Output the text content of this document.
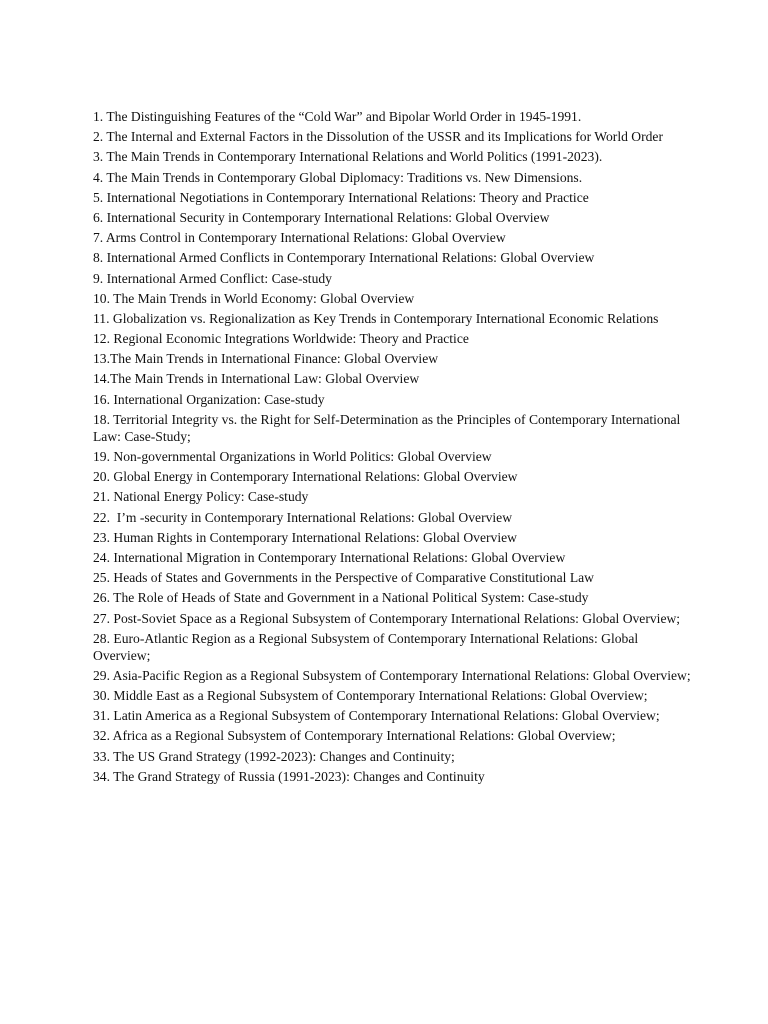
1. The Distinguishing Features of the “Cold War” and Bipolar World Order in 1945-1991.
2. The Internal and External Factors in the Dissolution of the USSR and its Implications for World Order
3. The Main Trends in Contemporary International Relations and World Politics (1991-2023).
4. The Main Trends in Contemporary Global Diplomacy: Traditions vs. New Dimensions.
5. International Negotiations in Contemporary International Relations: Theory and Practice
6. International Security in Contemporary International Relations: Global Overview
7. Arms Control in Contemporary International Relations: Global Overview
8. International Armed Conflicts in Contemporary International Relations: Global Overview
9. International Armed Conflict: Case-study
10. The Main Trends in World Economy: Global Overview
11. Globalization vs. Regionalization as Key Trends in Contemporary International Economic Relations
12. Regional Economic Integrations Worldwide: Theory and Practice
13.The Main Trends in International Finance: Global Overview
14.The Main Trends in International Law: Global Overview
16. International Organization: Case-study
18. Territorial Integrity vs. the Right for Self-Determination as the Principles of Contemporary International Law: Case-Study;
19. Non-governmental Organizations in World Politics: Global Overview
20. Global Energy in Contemporary International Relations: Global Overview
21. National Energy Policy: Case-study
22.  I’m -security in Contemporary International Relations: Global Overview
23. Human Rights in Contemporary International Relations: Global Overview
24. International Migration in Contemporary International Relations: Global Overview
25. Heads of States and Governments in the Perspective of Comparative Constitutional Law
26. The Role of Heads of State and Government in a National Political System: Case-study
27. Post-Soviet Space as a Regional Subsystem of Contemporary International Relations: Global Overview;
28. Euro-Atlantic Region as a Regional Subsystem of Contemporary International Relations: Global Overview;
29. Asia-Pacific Region as a Regional Subsystem of Contemporary International Relations: Global Overview;
30. Middle East as a Regional Subsystem of Contemporary International Relations: Global Overview;
31. Latin America as a Regional Subsystem of Contemporary International Relations: Global Overview;
32. Africa as a Regional Subsystem of Contemporary International Relations: Global Overview;
33. The US Grand Strategy (1992-2023): Changes and Continuity;
34. The Grand Strategy of Russia (1991-2023): Changes and Continuity
